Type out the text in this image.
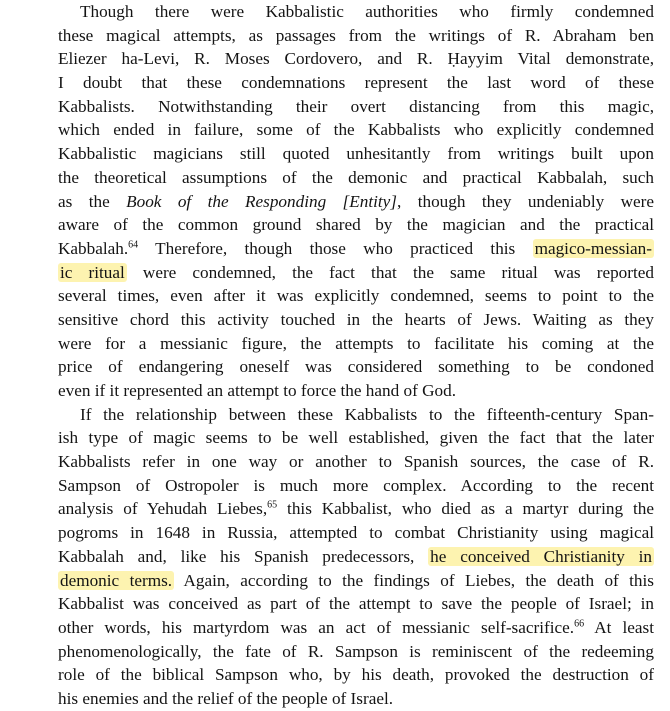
Though there were Kabbalistic authorities who firmly condemned
these magical attempts, as passages from the writings of R. Abraham ben
Eliezer ha-Levi, R. Moses Cordovero, and R. Ḥayyim Vital demonstrate,
I doubt that these condemnations represent the last word of these
Kabbalists. Notwithstanding their overt distancing from this magic,
which ended in failure, some of the Kabbalists who explicitly condemned
Kabbalistic magicians still quoted unhesitantly from writings built upon
the theoretical assumptions of the demonic and practical Kabbalah, such
as the Book of the Responding [Entity], though they undeniably were
aware of the common ground shared by the magician and the practical
Kabbalah.$^{64}$ Therefore, though those who practiced this magico-messian-
ic ritual were condemned, the fact that the same ritual was reported
several times, even after it was explicitly condemned, seems to point to the
sensitive chord this activity touched in the hearts of Jews. Waiting as they
were for a messianic figure, the attempts to facilitate his coming at the
price of endangering oneself was considered something to be condoned
even if it represented an attempt to force the hand of God.
If the relationship between these Kabbalists to the fifteenth-century Span-
ish type of magic seems to be well established, given the fact that the later
Kabbalists refer in one way or another to Spanish sources, the case of R.
Sampson of Ostropoler is much more complex. According to the recent
analysis of Yehudah Liebes,$^{65}$ this Kabbalist, who died as a martyr during the
pogroms in 1648 in Russia, attempted to combat Christianity using magical
Kabbalah and, like his Spanish predecessors, he conceived Christianity in
demonic terms. Again, according to the findings of Liebes, the death of this
Kabbalist was conceived as part of the attempt to save the people of Israel; in
other words, his martyrdom was an act of messianic self-sacrifice.$^{66}$ At least
phenomenologically, the fate of R. Sampson is reminiscent of the redeeming
role of the biblical Sampson who, by his death, provoked the destruction of
his enemies and the relief of the people of Israel.
